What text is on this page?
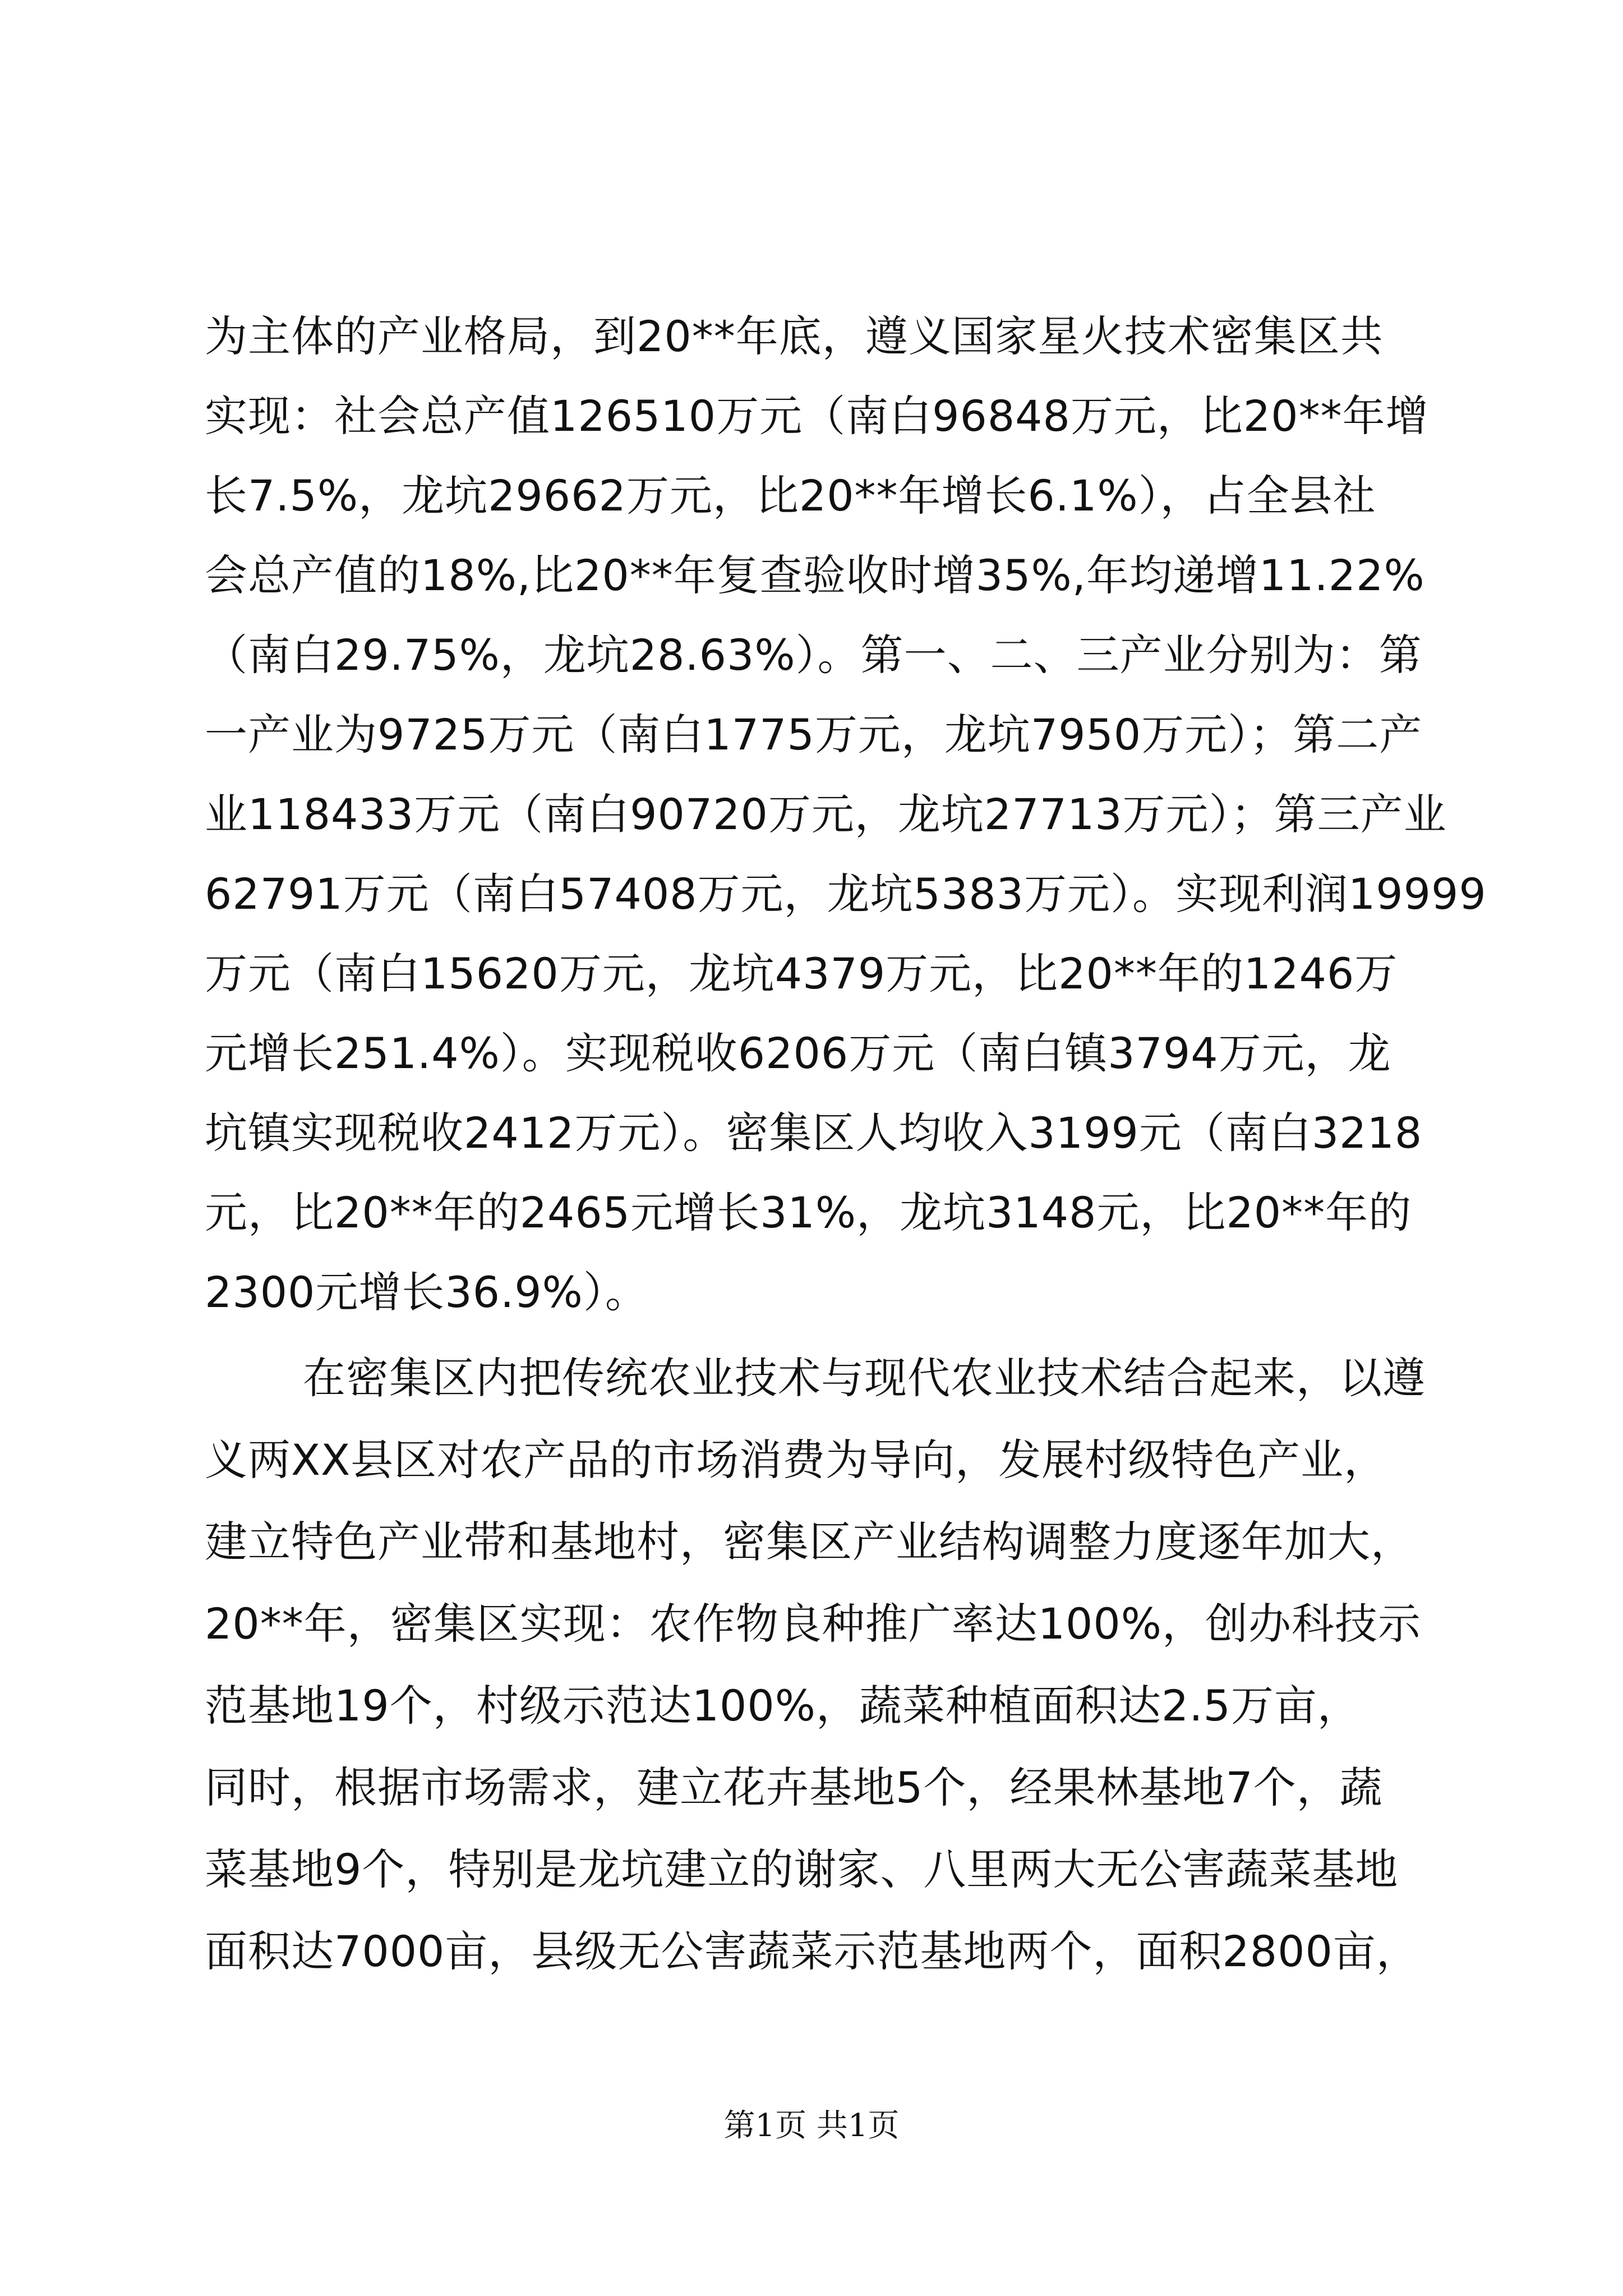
为主体的产业格局，到20**年底，遵义国家星火技术密集区共
实现：社会总产值126510万元（南白96848万元，比20**年增
长7.5%，龙坑29662万元，比20**年增长6.1%），占全县社
会总产值的18%,比20**年复查验收时增35%,年均递增11.22%
（南白29.75%，龙坑28.63%）。第一、二、三产业分别为：第
一产业为9725万元（南白1775万元，龙坑7950万元）；第二产
业118433万元（南白90720万元，龙坑27713万元）；第三产业
62791万元（南白57408万元，龙坑5383万元）。实现利润19999
万元（南白15620万元，龙坑4379万元，比20**年的1246万
元增长251.4%）。实现税收6206万元（南白镇3794万元，龙
坑镇实现税收2412万元）。密集区人均收入3199元（南白3218
元，比20**年的2465元增长31%，龙坑3148元，比20**年的
2300元增长36.9%）。
在密集区内把传统农业技术与现代农业技术结合起来，以遵
义两XX县区对农产品的市场消费为导向，发展村级特色产业，
建立特色产业带和基地村，密集区产业结构调整力度逐年加大，
20**年，密集区实现：农作物良种推广率达100%，创办科技示
范基地19个，村级示范达100%，蔬菜种植面积达2.5万亩，
同时，根据市场需求，建立花卉基地5个，经果林基地7个，蔬
菜基地9个，特别是龙坑建立的谢家、八里两大无公害蔬菜基地
面积达7000亩，县级无公害蔬菜示范基地两个，面积2800亩，
第1页 共1页
